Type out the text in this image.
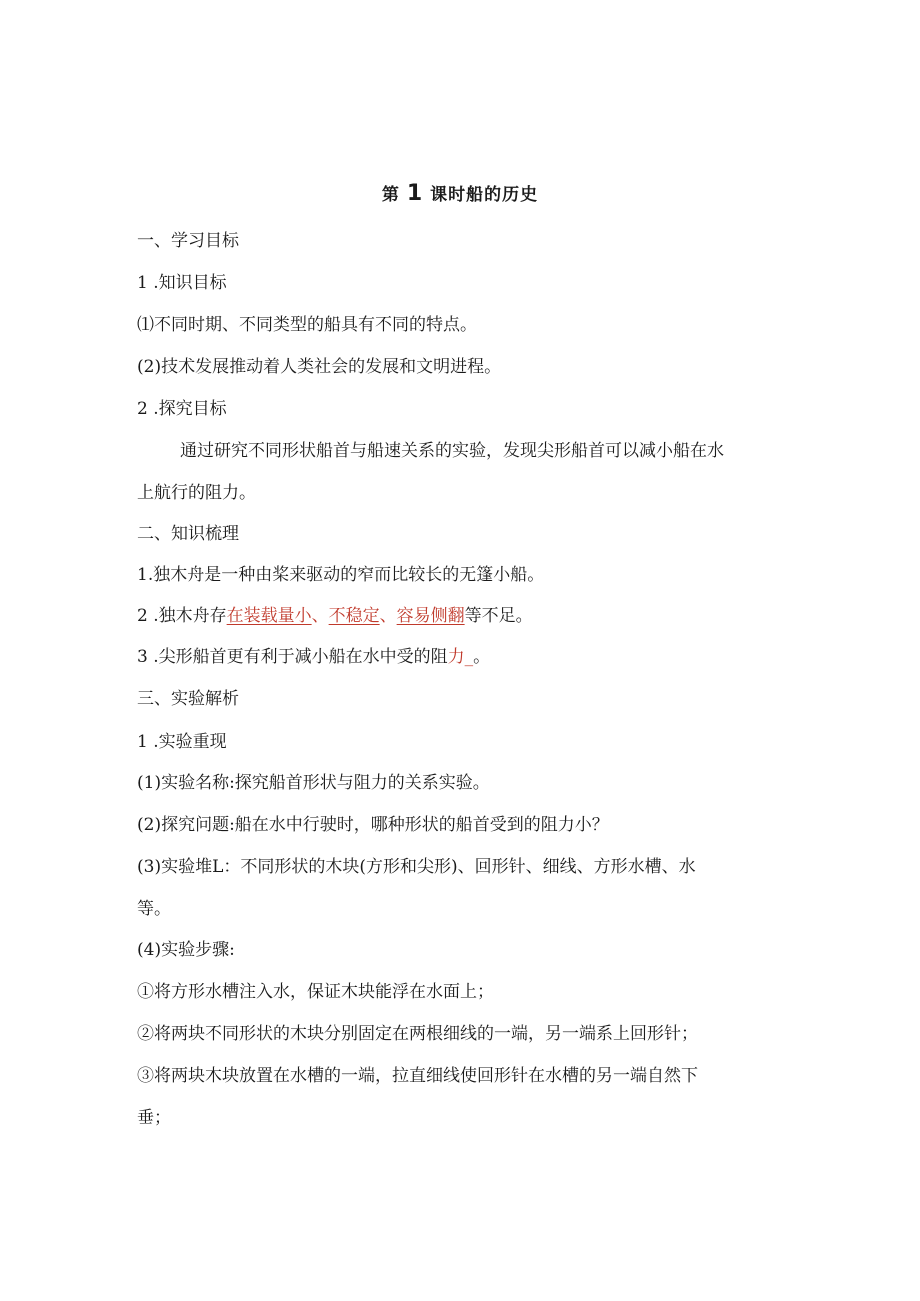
第 1 课时船的历史
一、学习目标
1 .知识目标
⑴不同时期、不同类型的船具有不同的特点。
(2)技术发展推动着人类社会的发展和文明进程。
2 .探究目标
通过研究不同形状船首与船速关系的实验，发现尖形船首可以减小船在水
上航行的阻力。
二、知识梳理
1.独木舟是一种由桨来驱动的窄而比较长的无篷小船。
2 .独木舟存在装载量小、不稳定、容易侧翻等不足。
3 .尖形船首更有利于减小船在水中受的阻力_。
三、实验解析
1 .实验重现
(1)实验名称:探究船首形状与阻力的关系实验。
(2)探究问题:船在水中行驶时，哪种形状的船首受到的阻力小？
(3)实验堆L：不同形状的木块(方形和尖形)、回形针、细线、方形水槽、水
等。
(4)实验步骤:
①将方形水槽注入水，保证木块能浮在水面上；
②将两块不同形状的木块分别固定在两根细线的一端，另一端系上回形针；
③将两块木块放置在水槽的一端，拉直细线使回形针在水槽的另一端自然下
垂；
